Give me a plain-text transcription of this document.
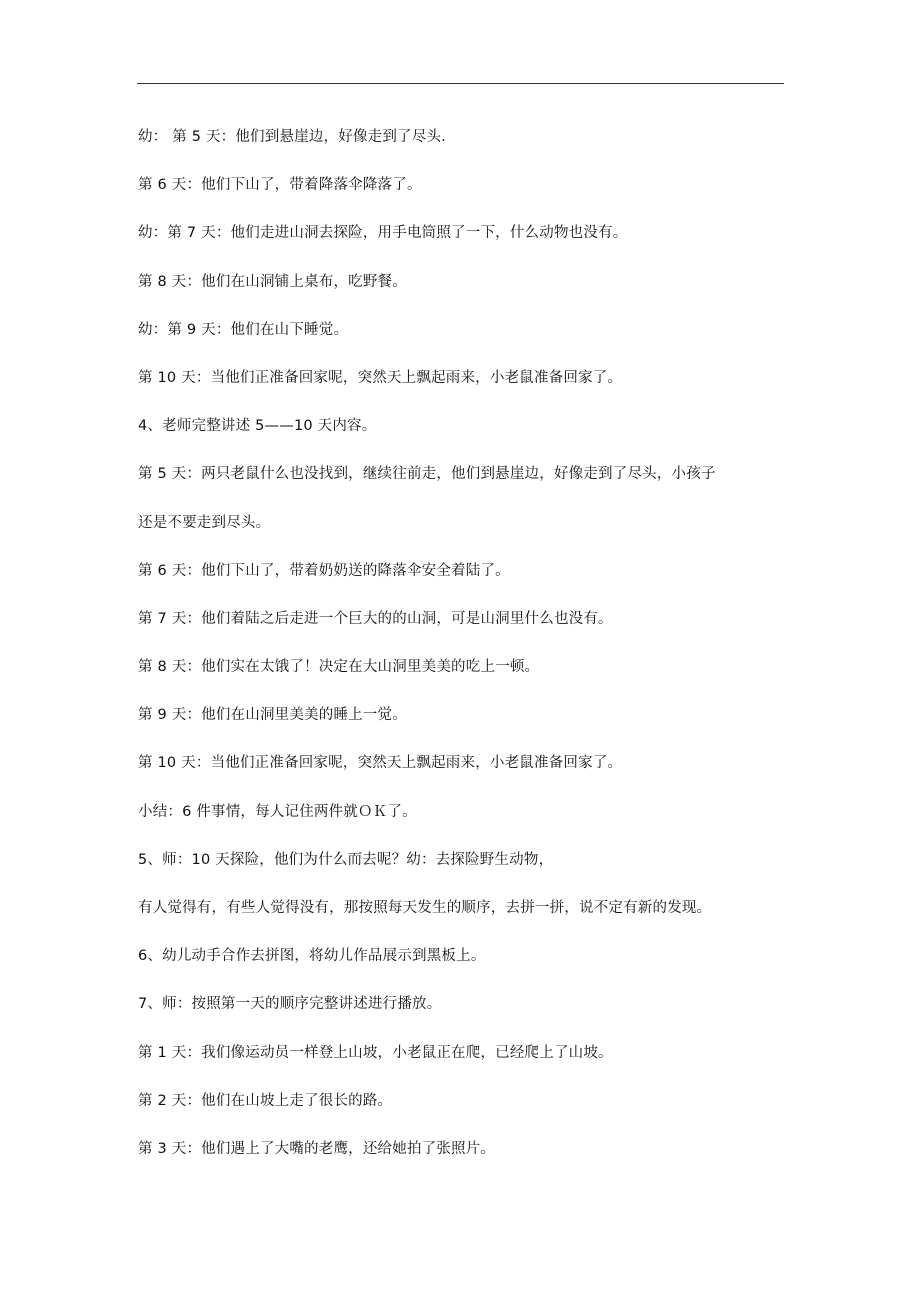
幼： 第 5 天：他们到悬崖边，好像走到了尽头.
第 6 天：他们下山了，带着降落伞降落了。
幼：第 7 天：他们走进山洞去探险，用手电筒照了一下，什么动物也没有。
第 8 天：他们在山洞铺上桌布，吃野餐。
幼：第 9 天：他们在山下睡觉。
第 10 天：当他们正准备回家呢，突然天上飘起雨来，小老鼠准备回家了。
4、老师完整讲述 5——10 天内容。
第 5 天：两只老鼠什么也没找到，继续往前走，他们到悬崖边，好像走到了尽头，小孩子
还是不要走到尽头。
第 6 天：他们下山了，带着奶奶送的降落伞安全着陆了。
第 7 天：他们着陆之后走进一个巨大的的山洞，可是山洞里什么也没有。
第 8 天：他们实在太饿了！决定在大山洞里美美的吃上一顿。
第 9 天：他们在山洞里美美的睡上一觉。
第 10 天：当他们正准备回家呢，突然天上飘起雨来，小老鼠准备回家了。
小结：6 件事情，每人记住两件就ＯＫ了。
5、师：10 天探险，他们为什么而去呢？幼：去探险野生动物，
有人觉得有，有些人觉得没有，那按照每天发生的顺序，去拼一拼，说不定有新的发现。
6、幼儿动手合作去拼图，将幼儿作品展示到黑板上。
7、师：按照第一天的顺序完整讲述进行播放。
第 1 天：我们像运动员一样登上山坡，小老鼠正在爬，已经爬上了山坡。
第 2 天：他们在山坡上走了很长的路。
第 3 天：他们遇上了大嘴的老鹰，还给她拍了张照片。
